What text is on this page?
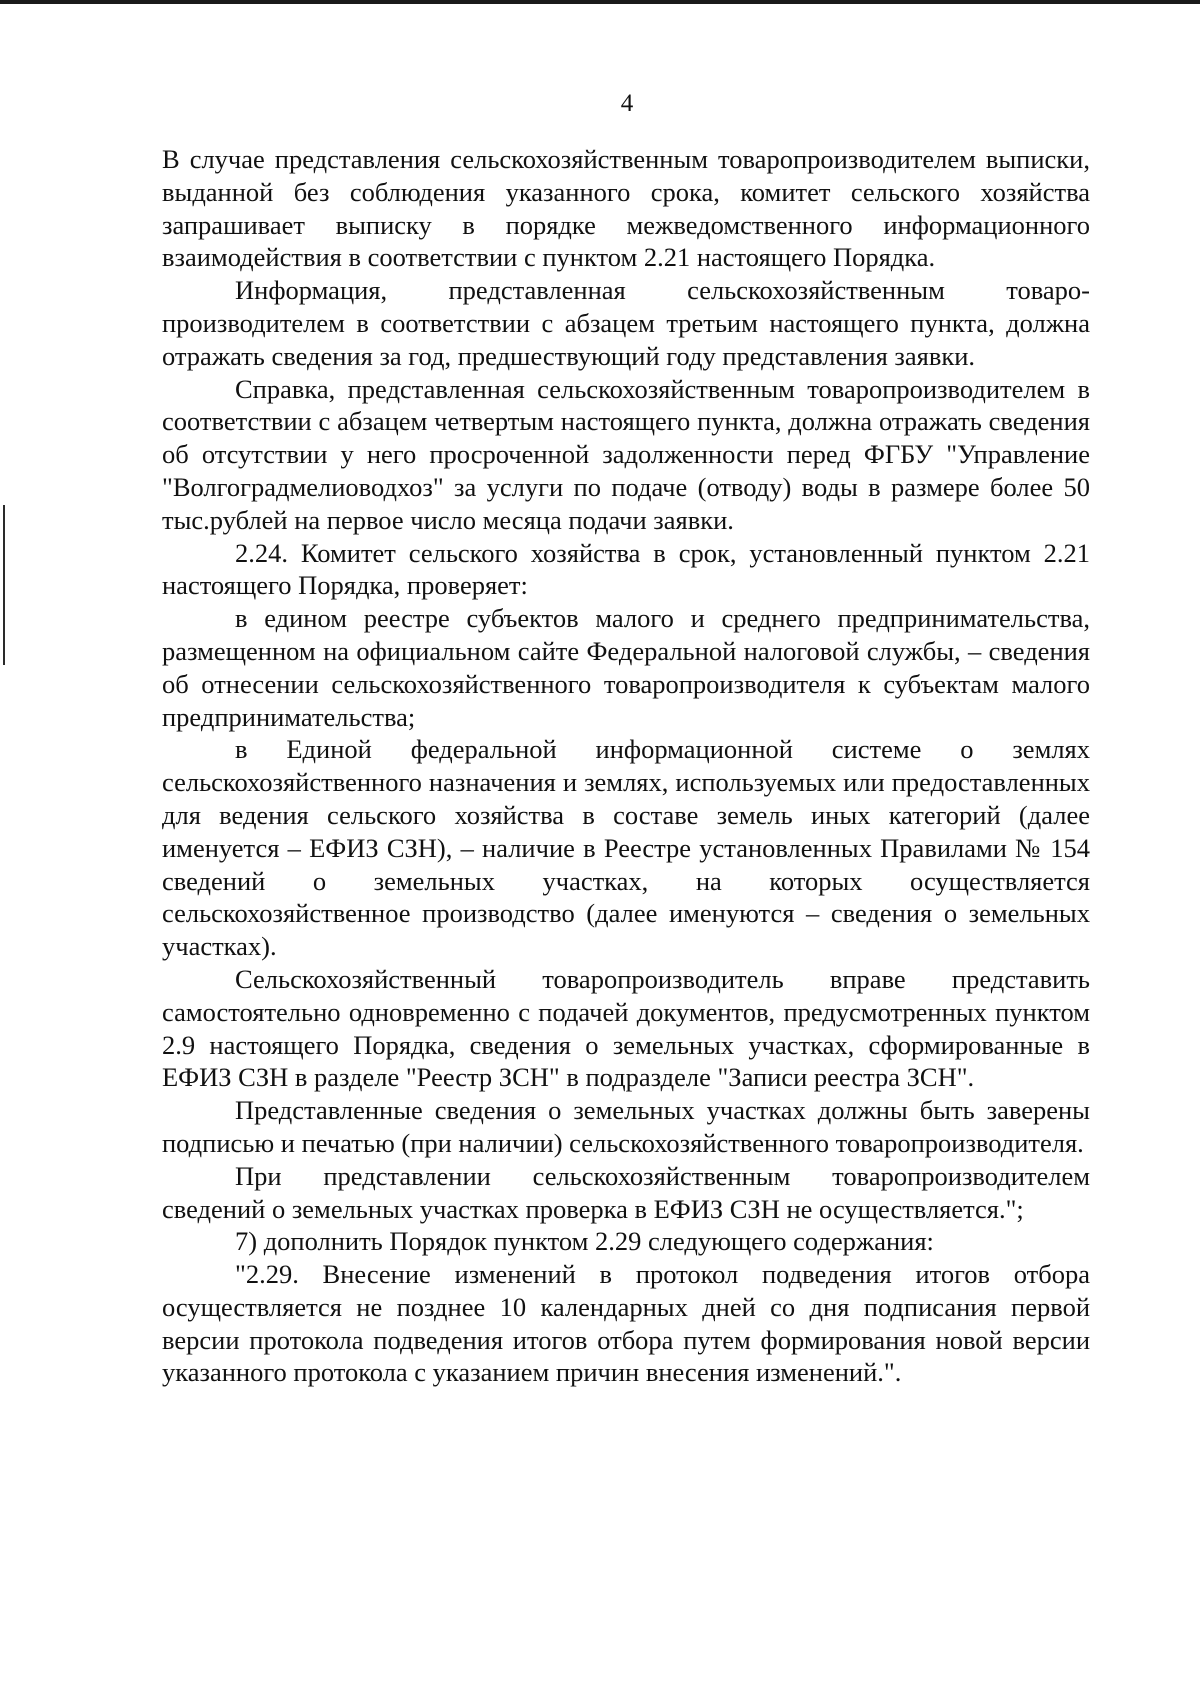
4

В случае представления сельскохозяйственным товаропроизводителем выписки, выданной без соблюдения указанного срока, комитет сельского хозяйства запрашивает выписку в порядке межведомственного информационного взаимодействия в соответствии с пунктом 2.21 настоящего Порядка.

Информация, представленная сельскохозяйственным товаропроизводителем в соответствии с абзацем третьим настоящего пункта, должна отражать сведения за год, предшествующий году представления заявки.

Справка, представленная сельскохозяйственным товаропроизводителем в соответствии с абзацем четвертым настоящего пункта, должна отражать сведения об отсутствии у него просроченной задолженности перед ФГБУ "Управление "Волгоградмелиоводхоз" за услуги по подаче (отводу) воды в размере более 50 тыс.рублей на первое число месяца подачи заявки.

2.24. Комитет сельского хозяйства в срок, установленный пунктом 2.21 настоящего Порядка, проверяет:

в едином реестре субъектов малого и среднего предпринимательства, размещенном на официальном сайте Федеральной налоговой службы, – сведения об отнесении сельскохозяйственного товаропроизводителя к субъектам малого предпринимательства;

в Единой федеральной информационной системе о землях сельскохозяйственного назначения и землях, используемых или предоставленных для ведения сельского хозяйства в составе земель иных категорий (далее именуется – ЕФИЗ СЗН), – наличие в Реестре установленных Правилами № 154 сведений о земельных участках, на которых осуществляется сельскохозяйственное производство (далее именуются – сведения о земельных участках).

Сельскохозяйственный товаропроизводитель вправе представить самостоятельно одновременно с подачей документов, предусмотренных пунктом 2.9 настоящего Порядка, сведения о земельных участках, сформированные в ЕФИЗ СЗН в разделе "Реестр ЗСН" в подразделе "Записи реестра ЗСН".

Представленные сведения о земельных участках должны быть заверены подписью и печатью (при наличии) сельскохозяйственного товаропроизводителя.

При представлении сельскохозяйственным товаропроизводителем сведений о земельных участках проверка в ЕФИЗ СЗН не осуществляется.";

7) дополнить Порядок пунктом 2.29 следующего содержания:

"2.29. Внесение изменений в протокол подведения итогов отбора осуществляется не позднее 10 календарных дней со дня подписания первой версии протокола подведения итогов отбора путем формирования новой версии указанного протокола с указанием причин внесения изменений.".
